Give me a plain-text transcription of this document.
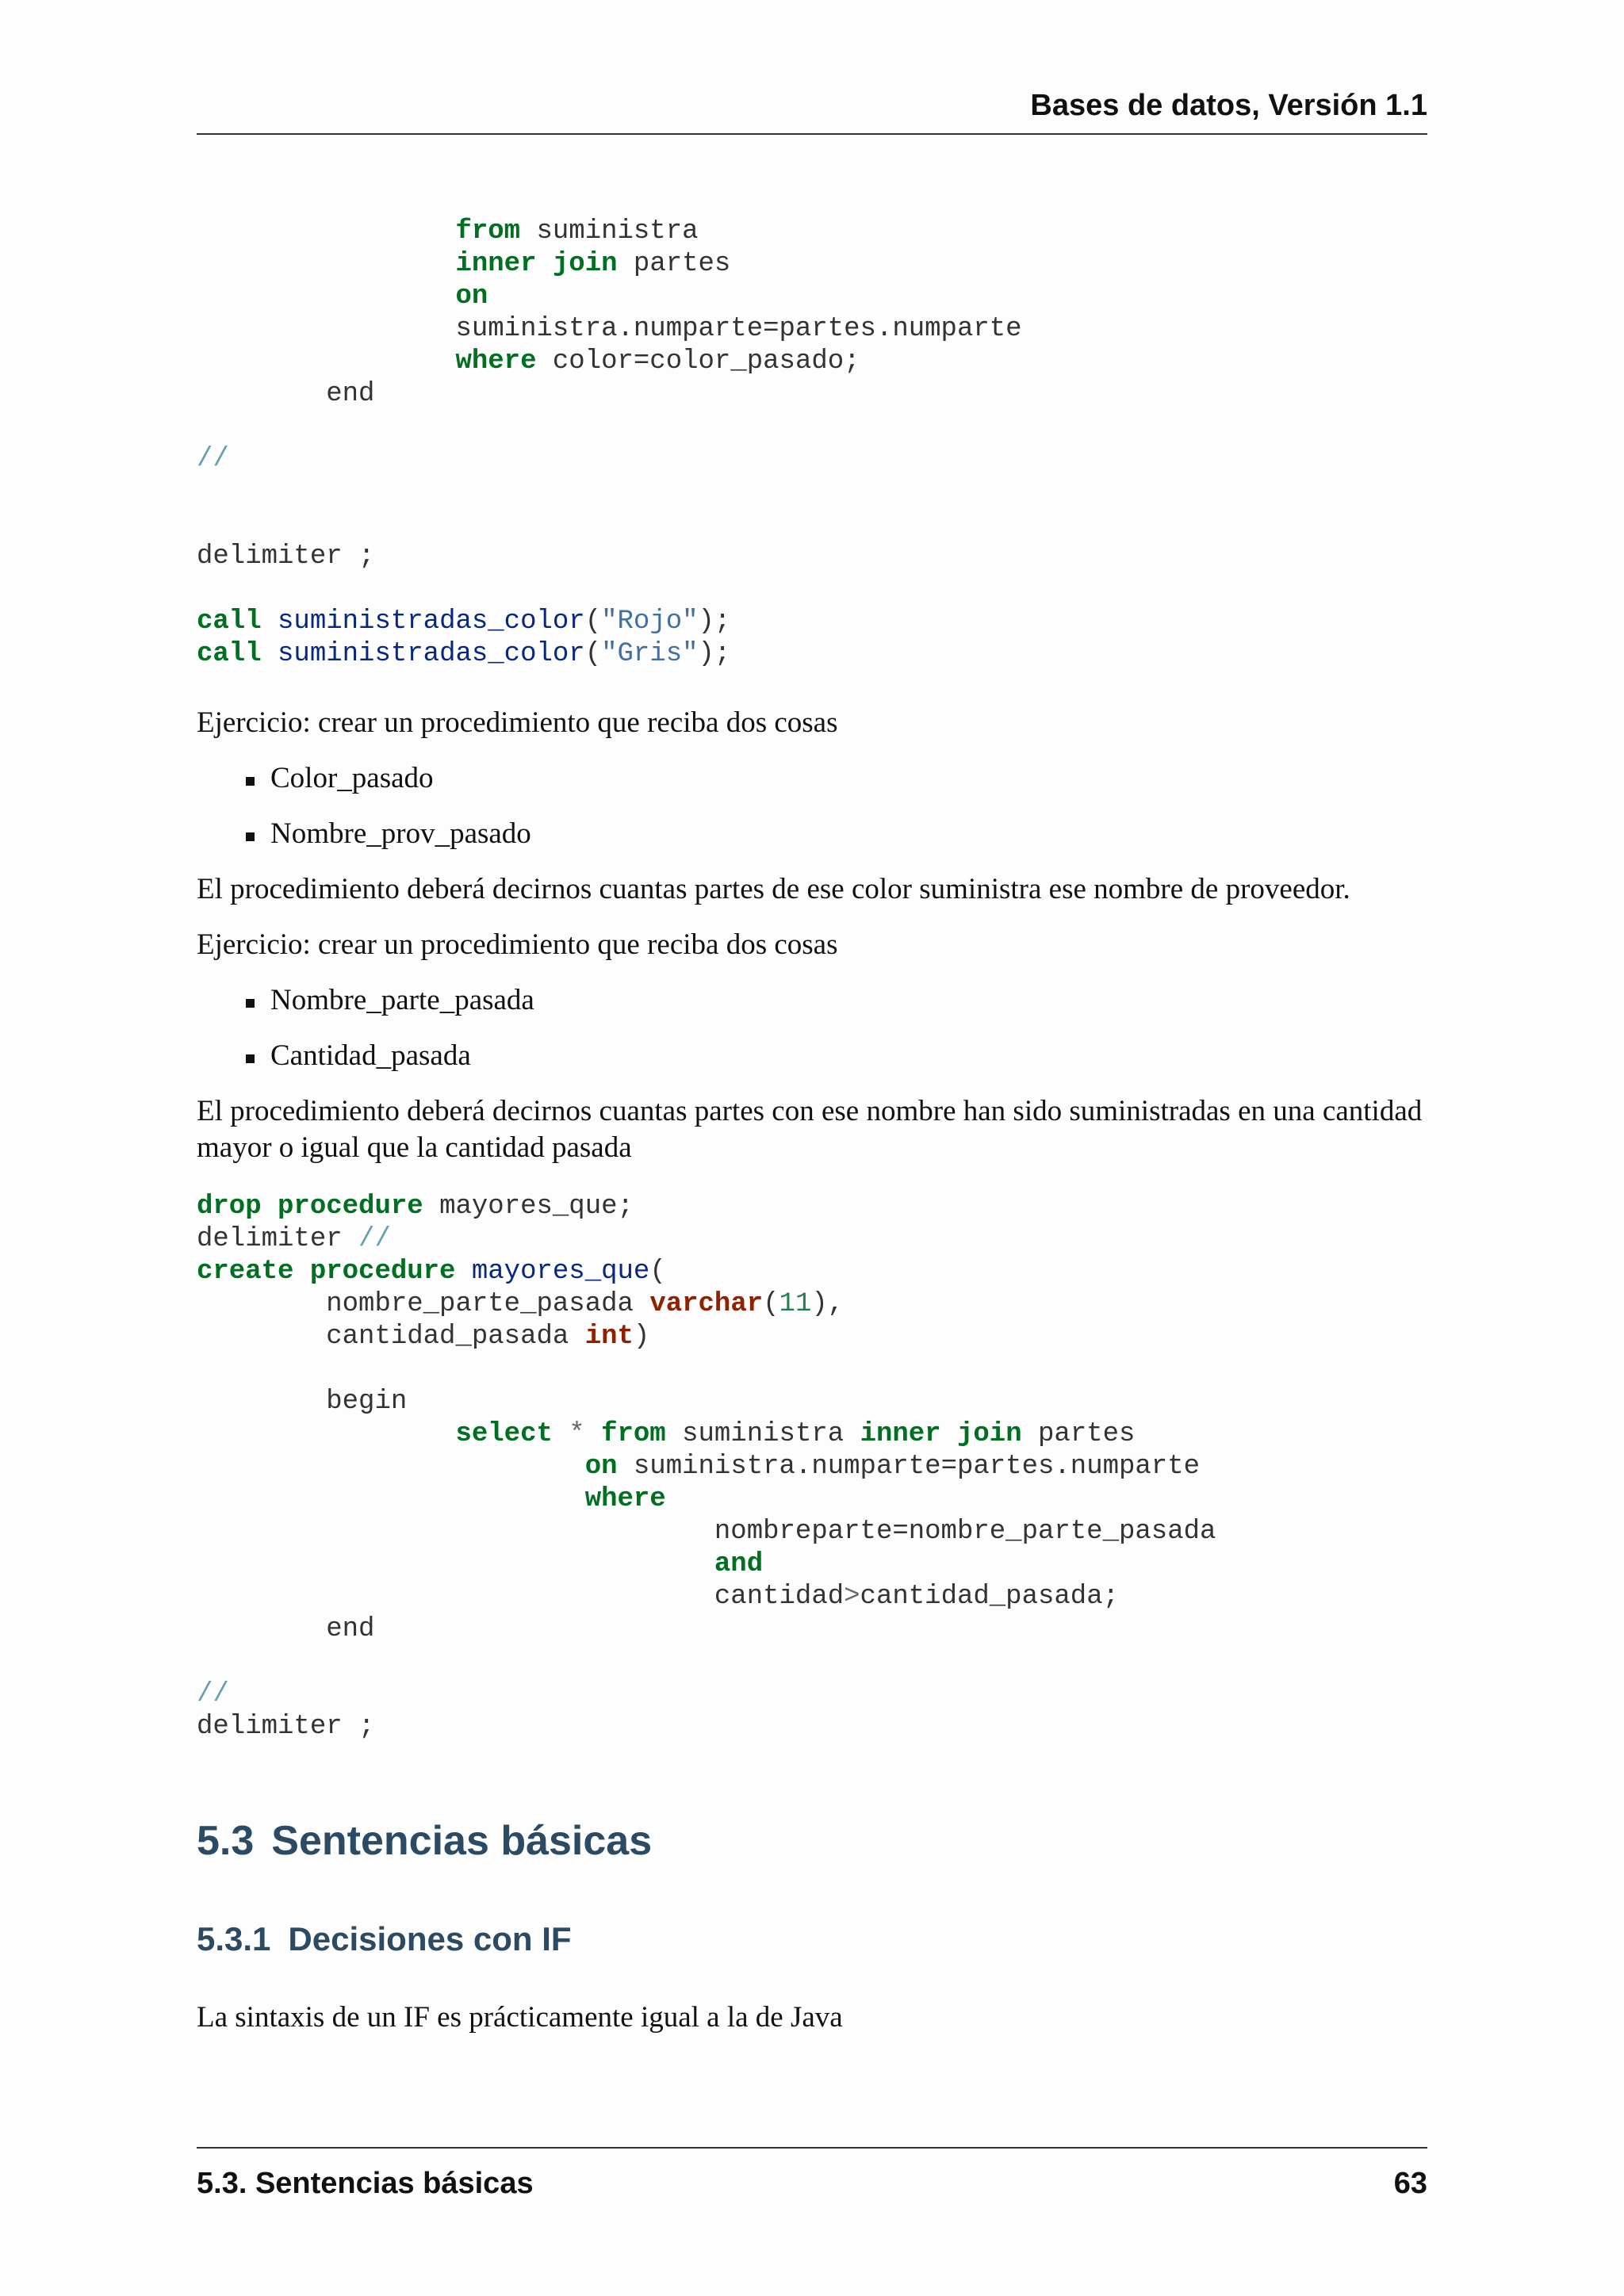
Bases de datos, Versión 1.1
from suministra
inner join partes
on
suministra.numparte=partes.numparte
where color=color_pasado;
end

//

delimiter ;

call suministradas_color("Rojo");
call suministradas_color("Gris");

Ejercicio: crear un procedimiento que reciba dos cosas

Color_pasado
Nombre_prov_pasado

El procedimiento deberá decirnos cuantas partes de ese color suministra ese nombre de proveedor.

Ejercicio: crear un procedimiento que reciba dos cosas

Nombre_parte_pasada
Cantidad_pasada

El procedimiento deberá decirnos cuantas partes con ese nombre han sido suministradas en una cantidad mayor o igual que la cantidad pasada

drop procedure mayores_que;
delimiter //
create procedure mayores_que(
nombre_parte_pasada varchar(11),
cantidad_pasada int)

begin
select * from suministra inner join partes
on suministra.numparte=partes.numparte
where
nombreparte=nombre_parte_pasada
and
cantidad>cantidad_pasada;
end

//
delimiter ;
5.3 Sentencias básicas
5.3.1 Decisiones con IF

La sintaxis de un IF es prácticamente igual a la de Java

5.3. Sentencias básicas	63
